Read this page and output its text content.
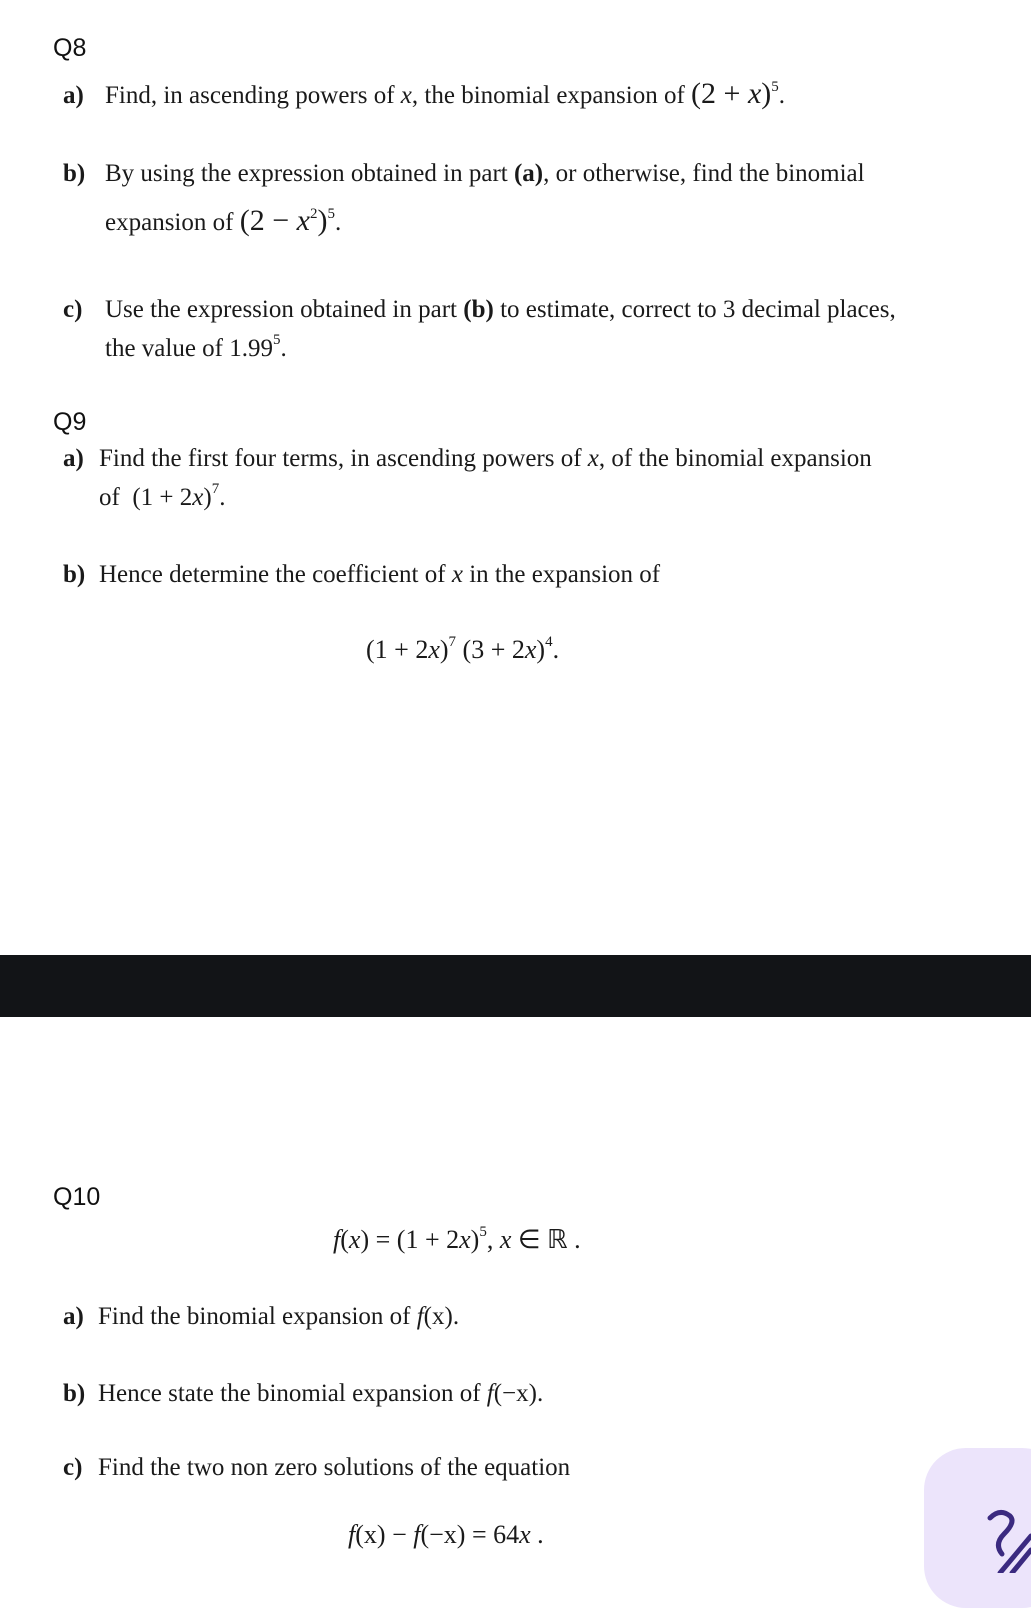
Q8
a) Find, in ascending powers of x, the binomial expansion of $(2 + x)^5$.
b) By using the expression obtained in part (a), or otherwise, find the binomial
expansion of $(2 - x^2)^5$.
c) Use the expression obtained in part (b) to estimate, correct to 3 decimal places,
the value of 1.99$^5$.
Q9
a) Find the first four terms, in ascending powers of x, of the binomial expansion
of $(1 + 2x)^7$.
b) Hence determine the coefficient of x in the expansion of
$(1 + 2x)^7$ $(3 + 2x)^4$.
Q10
$f(x) = (1 + 2x)^5$, x ∈ ℝ .
a) Find the binomial expansion of f(x).
b) Hence state the binomial expansion of f(−x).
c) Find the two non zero solutions of the equation
f(x) − f(−x) = 64x .
